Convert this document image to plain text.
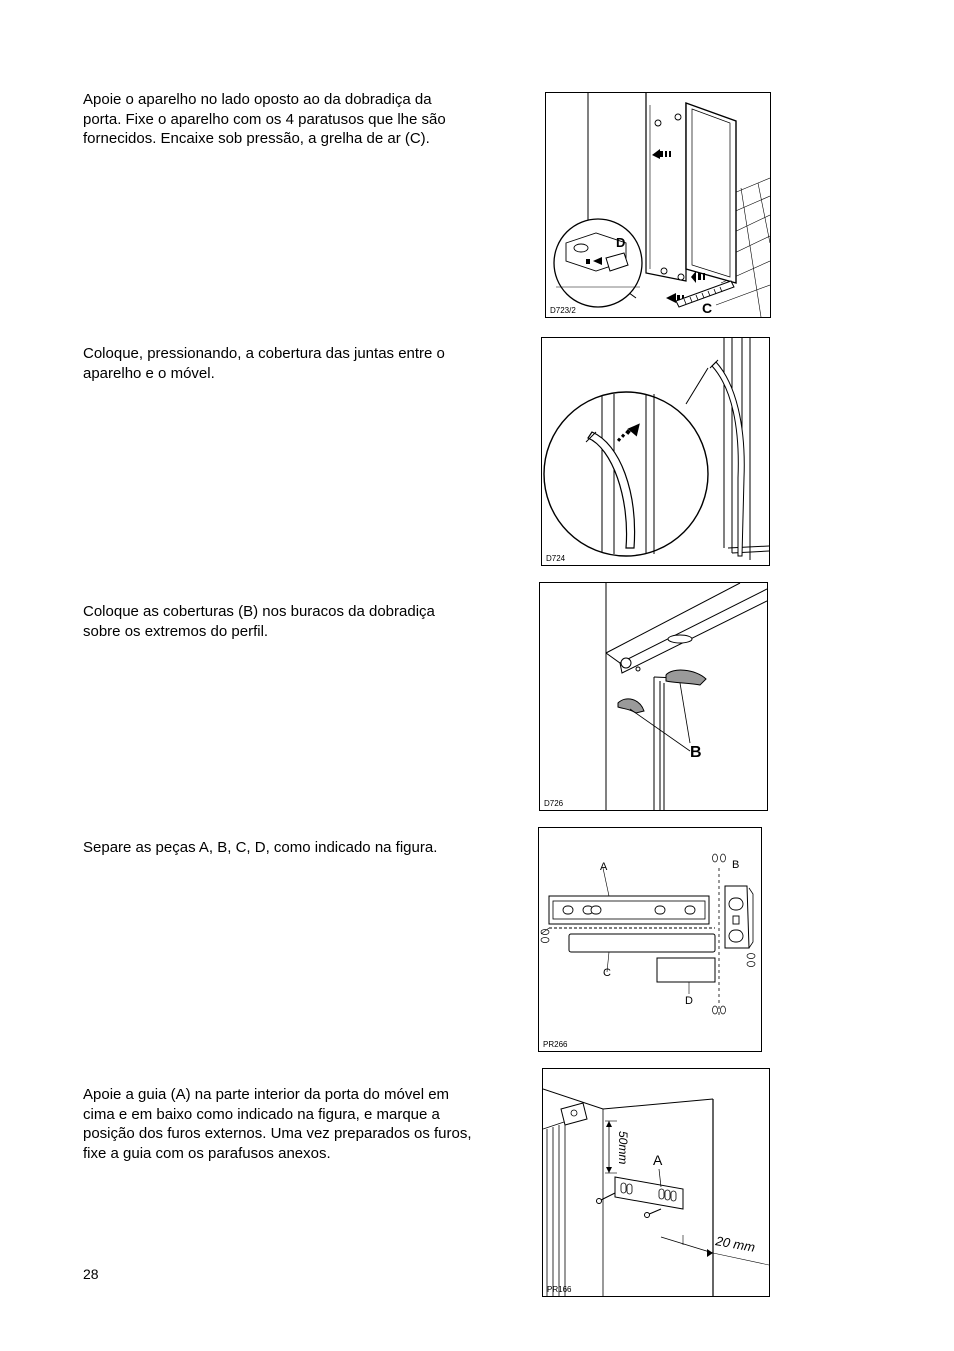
Apoie o aparelho no lado oposto ao da dobradiça da porta. Fixe o aparelho com os 4 paratusos que lhe são fornecidos. Encaixe sob pressão, a grelha de ar (C).

D
C
D723/2

Coloque, pressionando, a cobertura das juntas entre o aparelho e o móvel.

D724

Coloque as coberturas (B) nos buracos da dobradiça sobre os extremos do perfil.

B
D726

Separe as peças A, B, C, D, como indicado na figura.

A	B
C
D
PR266

Apoie a guia (A) na parte interior da porta do móvel em cima e em baixo como indicado na figura, e marque a posição dos furos externos. Uma vez preparados os furos, fixe a guia com os parafusos anexos.	50mm A
20 mm
PR166
28
